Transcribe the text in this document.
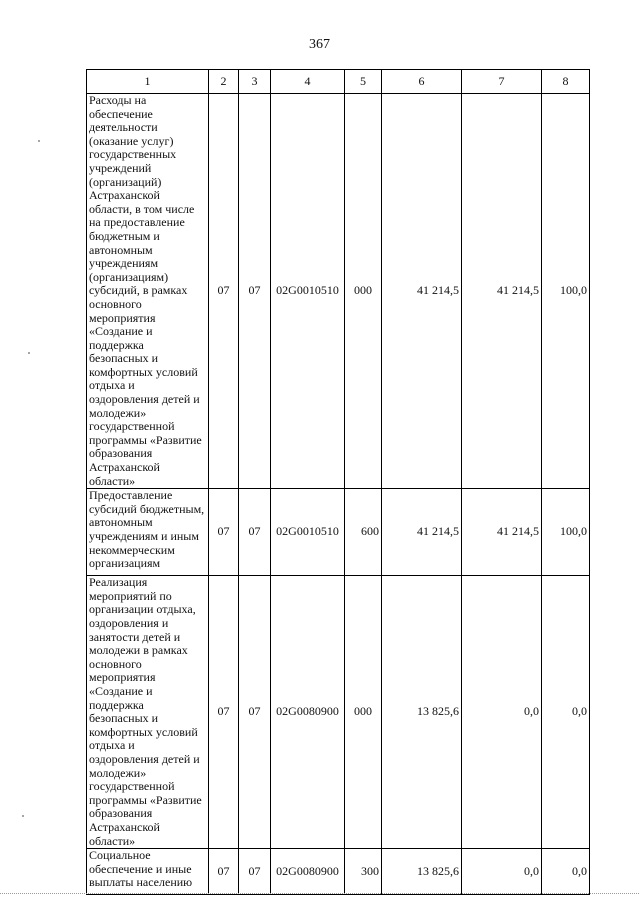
367
1	2	3	4	5	6	7	8
Расходы на обеспечение деятельности (оказание услуг) государственных учреждений (организаций) Астраханской области, в том числе на предоставление бюджетным и автономным учреждениям (организациям) субсидий, в рамках основного мероприятия «Создание и поддержка безопасных и комфортных условий отдыха и оздоровления детей и молодежи» государственной программы «Развитие образования Астраханской области»	07	07	02G0010510	000	41 214,5	41 214,5	100,0
Предоставление субсидий бюджетным, автономным учреждениям и иным некоммерческим организациям	07	07	02G0010510	600	41 214,5	41 214,5	100,0
Реализация мероприятий по организации отдыха, оздоровления и занятости детей и молодежи в рамках основного мероприятия «Создание и поддержка безопасных и комфортных условий отдыха и оздоровления детей и молодежи» государственной программы «Развитие образования Астраханской области»	07	07	02G0080900	000	13 825,6	0,0	0,0
Социальное обеспечение и иные выплаты населению	07	07	02G0080900	300	13 825,6	0,0	0,0
